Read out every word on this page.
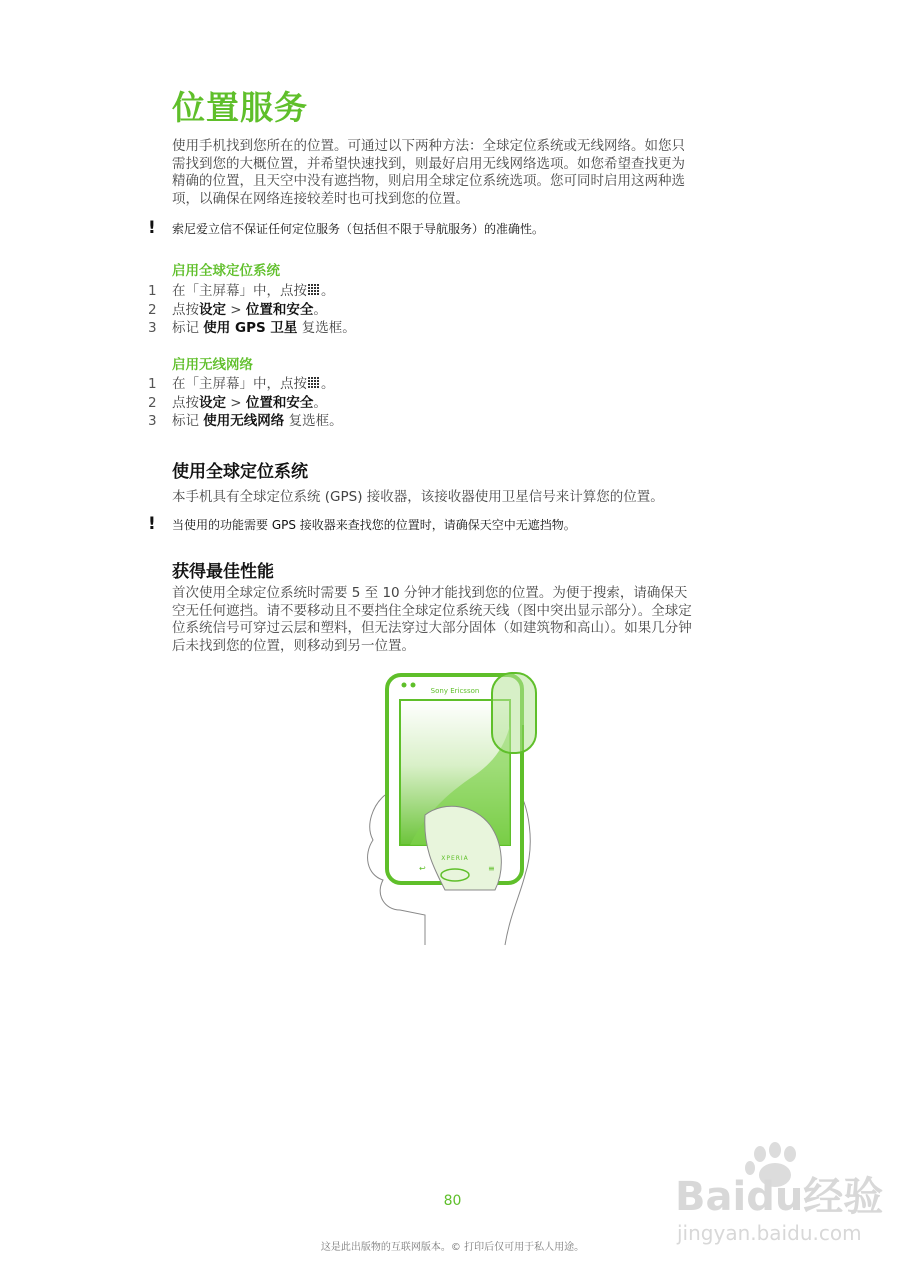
位置服务

使用手机找到您所在的位置。可通过以下两种方法：全球定位系统或无线网络。如您只
需找到您的大概位置，并希望快速找到，则最好启用无线网络选项。如您希望查找更为
精确的位置，且天空中没有遮挡物，则启用全球定位系统选项。您可同时启用这两种选
项，以确保在网络连接较差时也可找到您的位置。

! 索尼爱立信不保证任何定位服务（包括但不限于导航服务）的准确性。
启用全球定位系统
1 在「主屏幕」中，点按 。
2 点按设定 > 位置和安全。
3 标记 使用 GPS 卫星 复选框。
启用无线网络
1 在「主屏幕」中，点按 。
2 点按设定 > 位置和安全。
3 标记 使用无线网络 复选框。
使用全球定位系统

本手机具有全球定位系统 (GPS) 接收器，该接收器使用卫星信号来计算您的位置。

! 当使用的功能需要 GPS 接收器来查找您的位置时，请确保天空中无遮挡物。
获得最佳性能

首次使用全球定位系统时需要 5 至 10 分钟才能找到您的位置。为便于搜索，请确保天
空无任何遮挡。请不要移动且不要挡住全球定位系统天线（图中突出显示部分）。全球定
位系统信号可穿过云层和塑料，但无法穿过大部分固体（如建筑物和高山）。如果几分钟
后未找到您的位置，则移动到另一位置。

Sony Ericsson
XPERIA
↩	≡
80
这是此出版物的互联网版本。© 打印后仅可用于私人用途。
Baidu经验
jingyan.baidu.com
